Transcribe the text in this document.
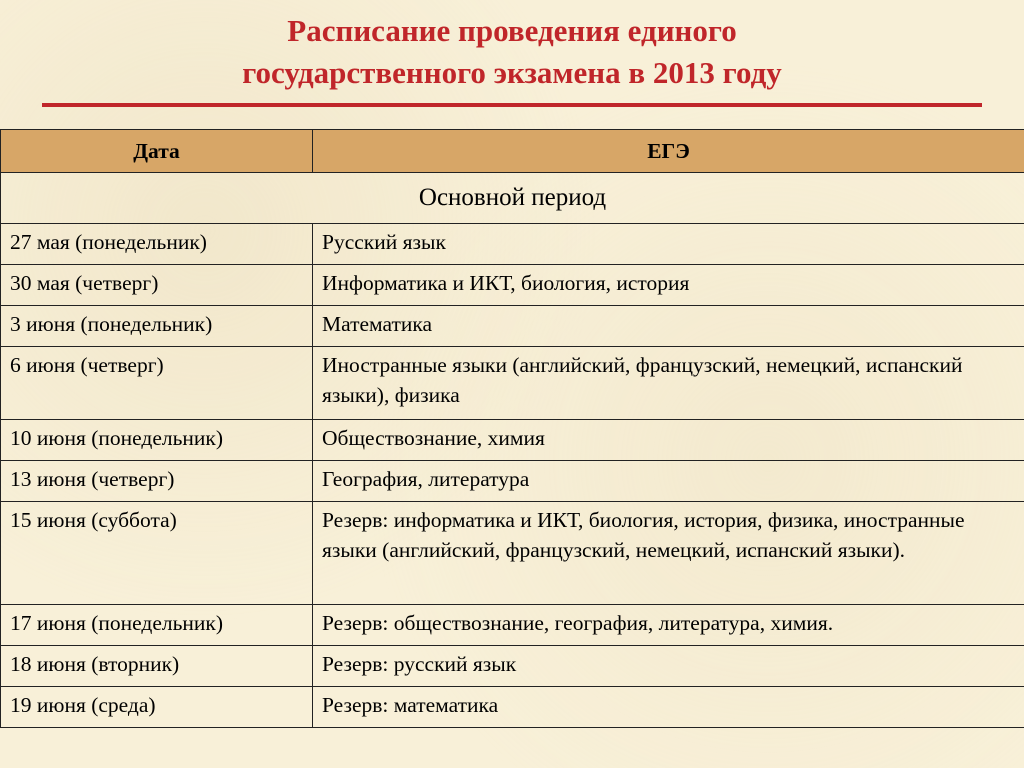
Расписание проведения единого
государственного экзамена в 2013 году
Дата	ЕГЭ
Основной период	
27 мая (понедельник)	Русский язык
30 мая (четверг)	Информатика и ИКТ, биология, история
3 июня (понедельник)	Математика
6 июня (четверг)	Иностранные языки (английский, французский, немецкий, испанский языки), физика
10 июня (понедельник)	Обществознание, химия
13 июня (четверг)	География, литература
15 июня (суббота)	Резерв: информатика и ИКТ, биология, история, физика, иностранные языки (английский, французский, немецкий, испанский языки).
17 июня (понедельник)	Резерв: обществознание, география, литература, химия.
18 июня (вторник)	Резерв: русский язык
19 июня (среда)	Резерв: математика
